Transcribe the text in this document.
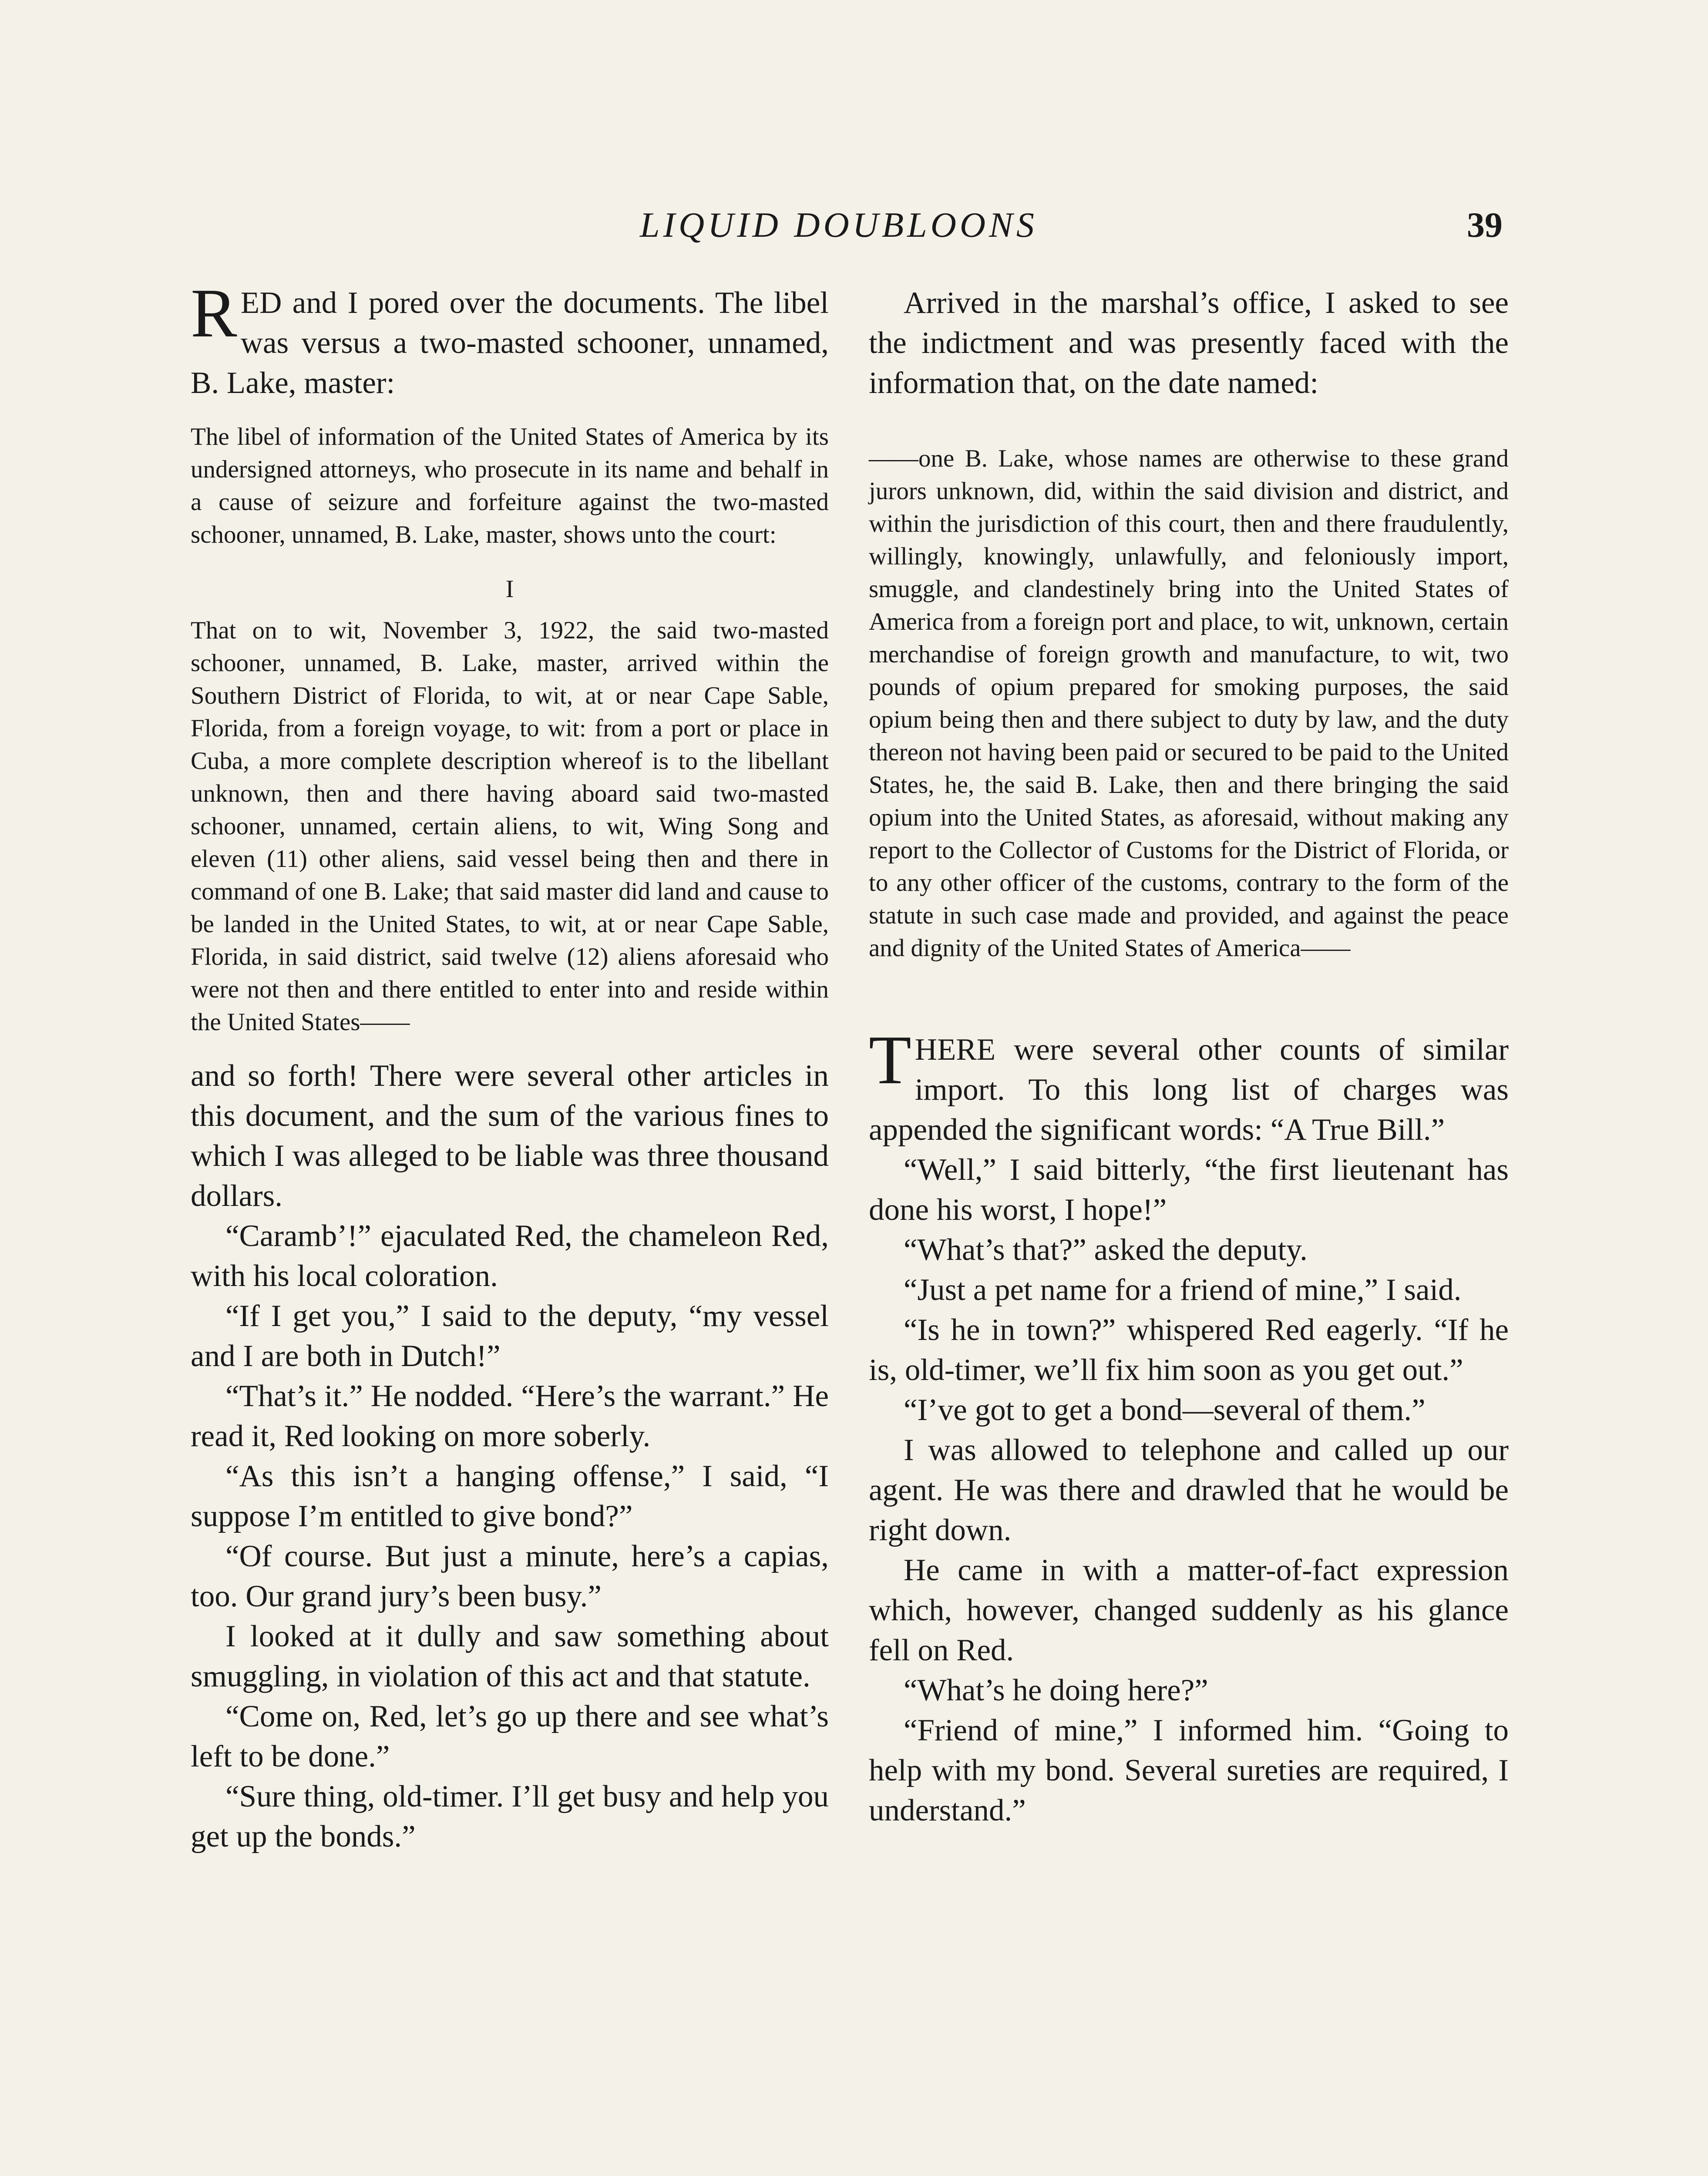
LIQUID DOUBLOONS	39

RED and I pored over the documents. The libel was versus a two-masted schooner, unnamed, B. Lake, master:

The libel of information of the United States of America by its undersigned attorneys, who prosecute in its name and behalf in a cause of seizure and forfeiture against the two-masted schooner, unnamed, B. Lake, master, shows unto the court:

I

That on to wit, November 3, 1922, the said two-masted schooner, unnamed, B. Lake, master, arrived within the Southern District of Florida, to wit, at or near Cape Sable, Florida, from a foreign voyage, to wit: from a port or place in Cuba, a more complete description whereof is to the libellant unknown, then and there having aboard said two-masted schooner, unnamed, certain aliens, to wit, Wing Song and eleven (11) other aliens, said vessel being then and there in command of one B. Lake; that said master did land and cause to be landed in the United States, to wit, at or near Cape Sable, Florida, in said district, said twelve (12) aliens aforesaid who were not then and there entitled to enter into and reside within the United States——

and so forth! There were several other articles in this document, and the sum of the various fines to which I was alleged to be liable was three thousand dollars.

“Caramb’!” ejaculated Red, the chameleon Red, with his local coloration.

“If I get you,” I said to the deputy, “my vessel and I are both in Dutch!”

“That’s it.” He nodded. “Here’s the warrant.” He read it, Red looking on more soberly.

“As this isn’t a hanging offense,” I said, “I suppose I’m entitled to give bond?”

“Of course. But just a minute, here’s a capias, too. Our grand jury’s been busy.”

I looked at it dully and saw something about smuggling, in violation of this act and that statute.

“Come on, Red, let’s go up there and see what’s left to be done.”

“Sure thing, old-timer. I’ll get busy and help you get up the bonds.”

Arrived in the marshal’s office, I asked to see the indictment and was presently faced with the information that, on the date named:

——one B. Lake, whose names are otherwise to these grand jurors unknown, did, within the said division and district, and within the jurisdiction of this court, then and there fraudulently, willingly, knowingly, unlawfully, and feloniously import, smuggle, and clandestinely bring into the United States of America from a foreign port and place, to wit, unknown, certain merchandise of foreign growth and manufacture, to wit, two pounds of opium prepared for smoking purposes, the said opium being then and there subject to duty by law, and the duty thereon not having been paid or secured to be paid to the United States, he, the said B. Lake, then and there bringing the said opium into the United States, as aforesaid, without making any report to the Collector of Customs for the District of Florida, or to any other officer of the customs, contrary to the form of the statute in such case made and provided, and against the peace and dignity of the United States of America——

THERE were several other counts of similar import. To this long list of charges was appended the significant words: “A True Bill.”

“Well,” I said bitterly, “the first lieutenant has done his worst, I hope!”

“What’s that?” asked the deputy.

“Just a pet name for a friend of mine,” I said.

“Is he in town?” whispered Red eagerly. “If he is, old-timer, we’ll fix him soon as you get out.”

“I’ve got to get a bond—several of them.”

I was allowed to telephone and called up our agent. He was there and drawled that he would be right down.

He came in with a matter-of-fact expression which, however, changed suddenly as his glance fell on Red.

“What’s he doing here?”

“Friend of mine,” I informed him. “Going to help with my bond. Several sureties are required, I understand.”
